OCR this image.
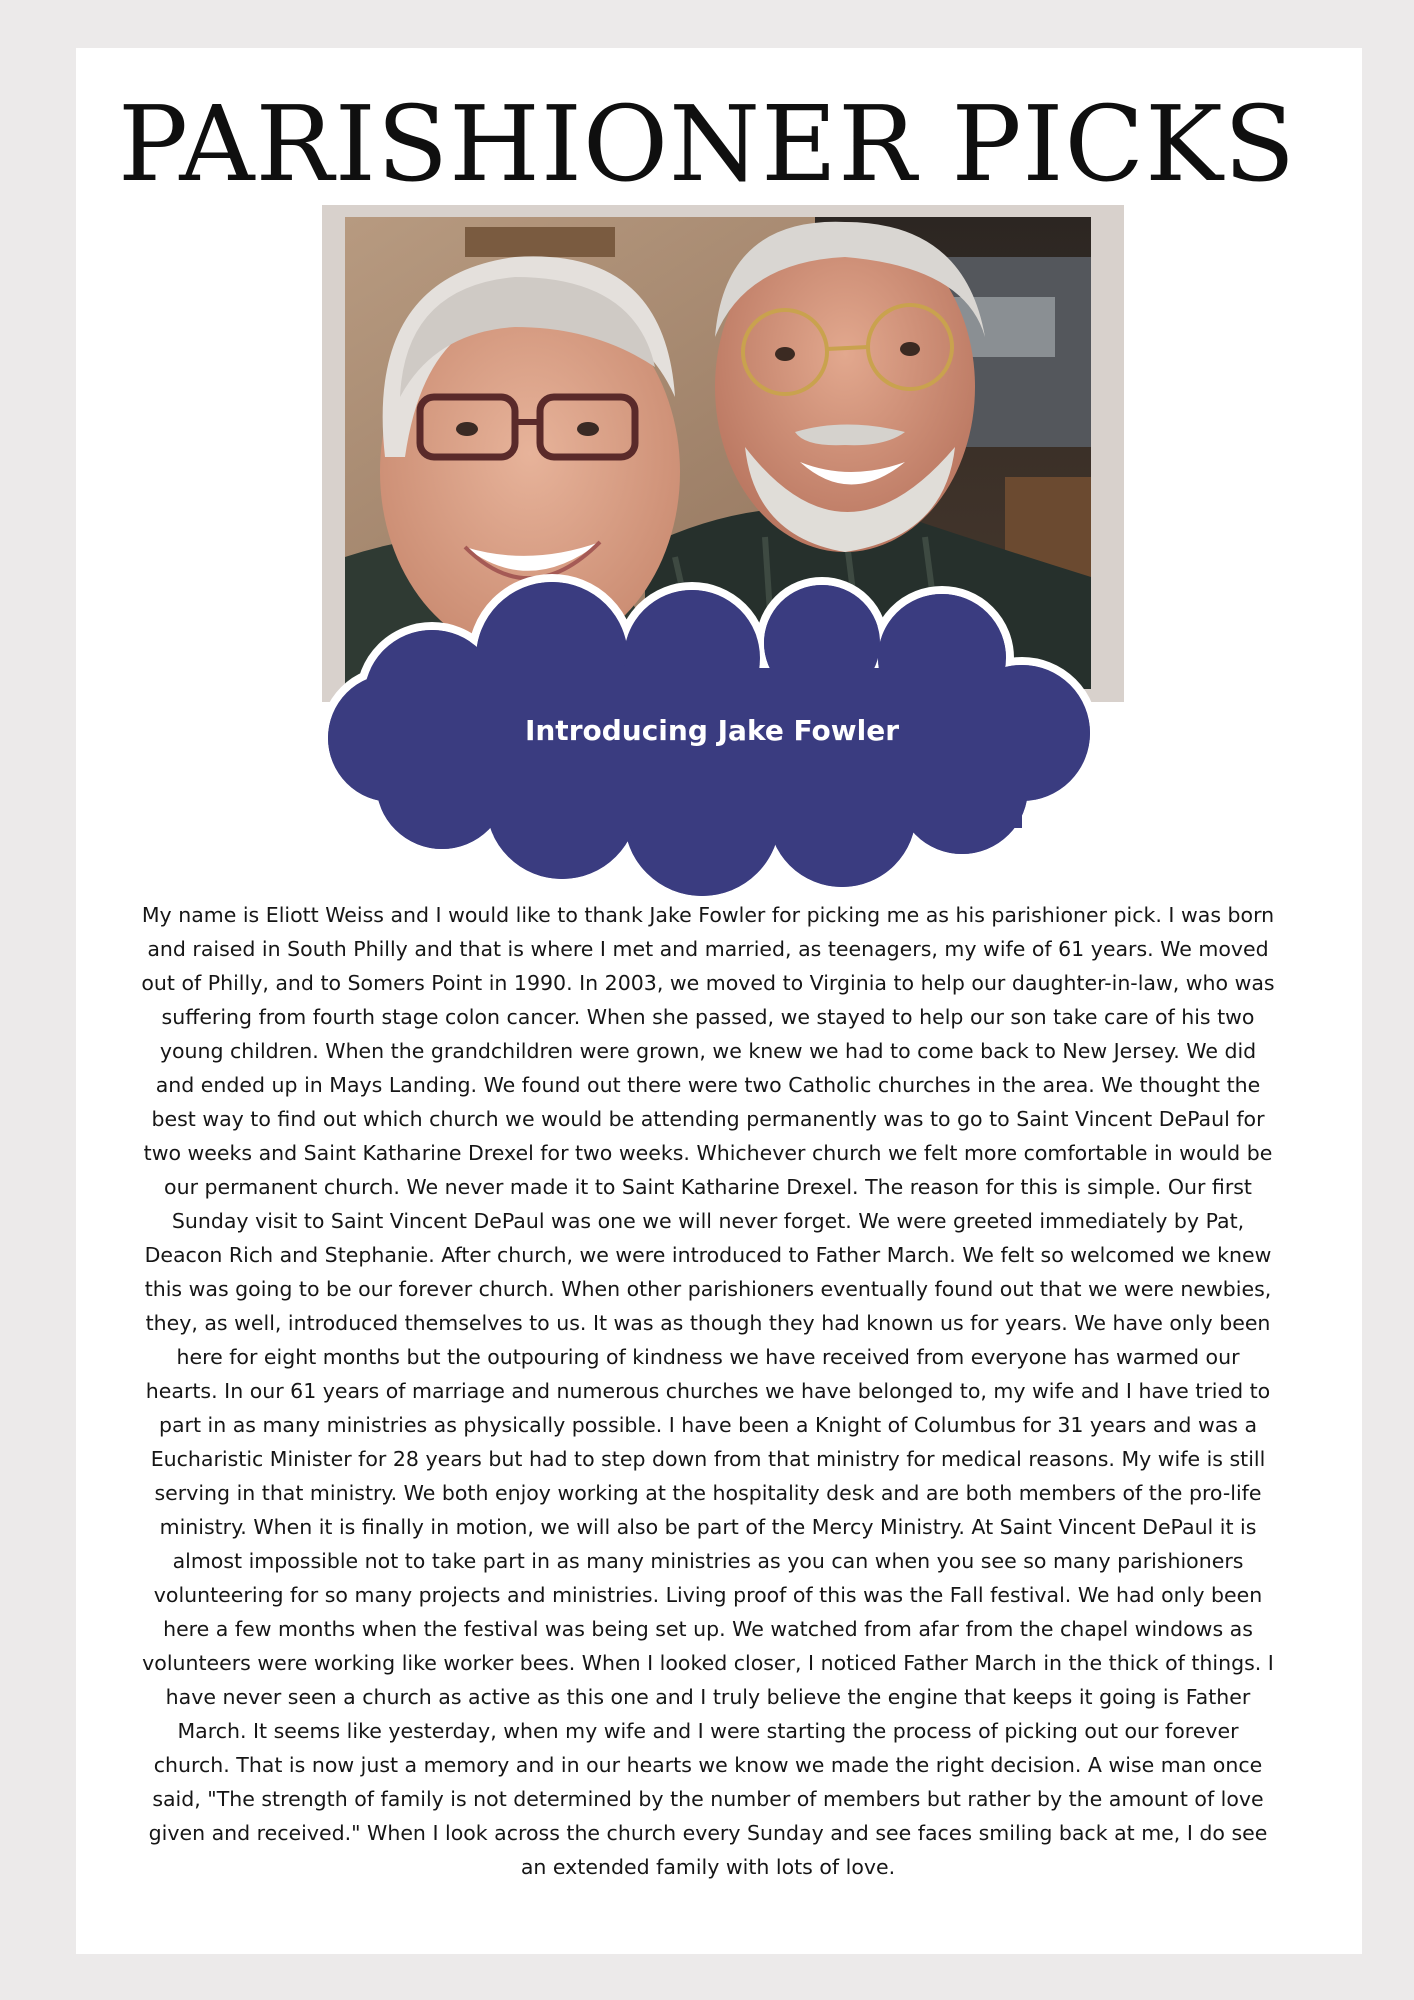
PARISHIONER PICKS
Introducing Jake Fowler

My name is Eliott Weiss and I would like to thank Jake Fowler for picking me as his parishioner pick. I was born and raised in South Philly and that is where I met and married, as teenagers, my wife of 61 years. We moved out of Philly, and to Somers Point in 1990. In 2003, we moved to Virginia to help our daughter-in-law, who was suffering from fourth stage colon cancer. When she passed, we stayed to help our son take care of his two young children. When the grandchildren were grown, we knew we had to come back to New Jersey. We did and ended up in Mays Landing. We found out there were two Catholic churches in the area. We thought the best way to find out which church we would be attending permanently was to go to Saint Vincent DePaul for two weeks and Saint Katharine Drexel for two weeks. Whichever church we felt more comfortable in would be our permanent church. We never made it to Saint Katharine Drexel. The reason for this is simple. Our first Sunday visit to Saint Vincent DePaul was one we will never forget. We were greeted immediately by Pat, Deacon Rich and Stephanie. After church, we were introduced to Father March. We felt so welcomed we knew this was going to be our forever church. When other parishioners eventually found out that we were newbies, they, as well, introduced themselves to us. It was as though they had known us for years. We have only been here for eight months but the outpouring of kindness we have received from everyone has warmed our hearts. In our 61 years of marriage and numerous churches we have belonged to, my wife and I have tried to part in as many ministries as physically possible. I have been a Knight of Columbus for 31 years and was a Eucharistic Minister for 28 years but had to step down from that ministry for medical reasons. My wife is still serving in that ministry. We both enjoy working at the hospitality desk and are both members of the pro-life ministry. When it is finally in motion, we will also be part of the Mercy Ministry. At Saint Vincent DePaul it is almost impossible not to take part in as many ministries as you can when you see so many parishioners volunteering for so many projects and ministries. Living proof of this was the Fall festival. We had only been here a few months when the festival was being set up. We watched from afar from the chapel windows as volunteers were working like worker bees. When I looked closer, I noticed Father March in the thick of things. I have never seen a church as active as this one and I truly believe the engine that keeps it going is Father March. It seems like yesterday, when my wife and I were starting the process of picking out our forever church. That is now just a memory and in our hearts we know we made the right decision. A wise man once said, "The strength of family is not determined by the number of members but rather by the amount of love given and received." When I look across the church every Sunday and see faces smiling back at me, I do see an extended family with lots of love.
